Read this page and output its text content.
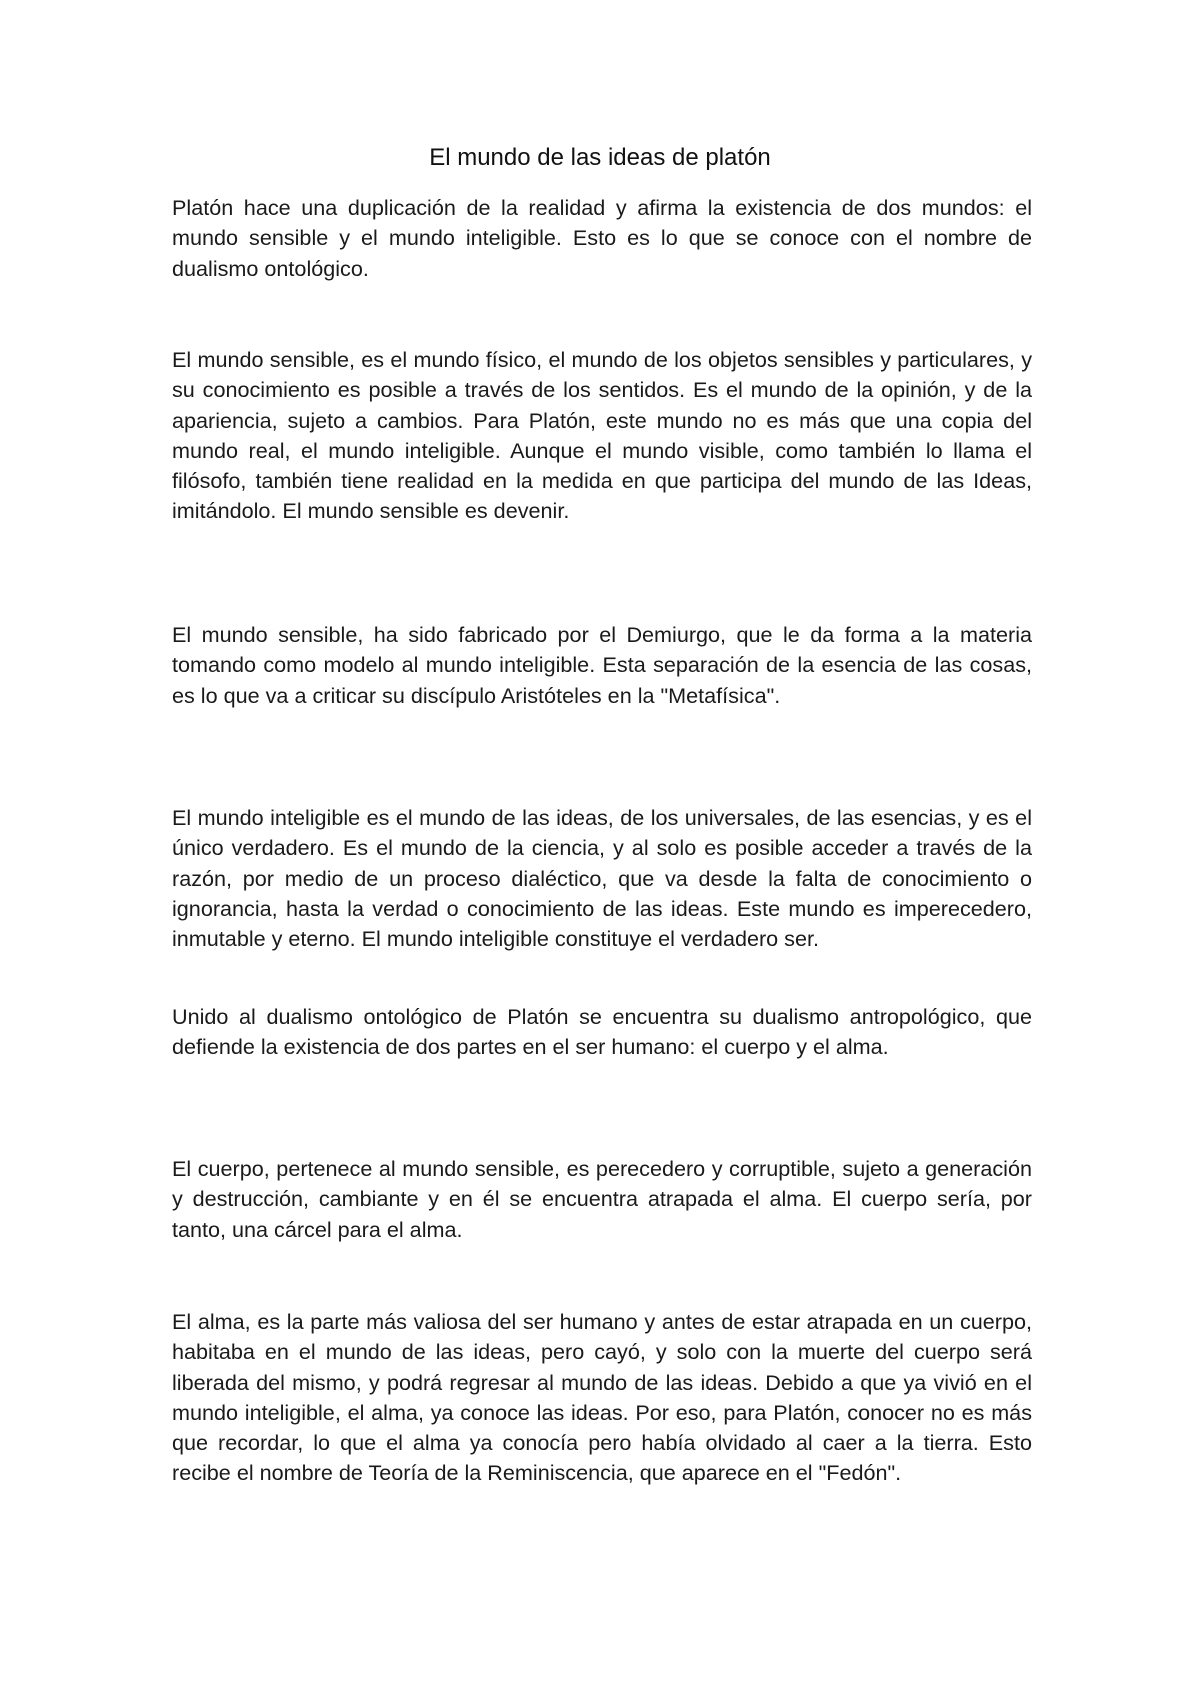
El mundo de las ideas de platón

Platón hace una duplicación de la realidad y afirma la existencia de dos mundos: el mundo sensible y el mundo inteligible. Esto es lo que se conoce con el nombre de dualismo ontológico.

El mundo sensible, es el mundo físico, el mundo de los objetos sensibles y particulares, y su conocimiento es posible a través de los sentidos. Es el mundo de la opinión, y de la apariencia, sujeto a cambios. Para Platón, este mundo no es más que una copia del mundo real, el mundo inteligible. Aunque el mundo visible, como también lo llama el filósofo, también tiene realidad en la medida en que participa del mundo de las Ideas, imitándolo. El mundo sensible es devenir.

El mundo sensible, ha sido fabricado por el Demiurgo, que le da forma a la materia tomando como modelo al mundo inteligible. Esta separación de la esencia de las cosas, es lo que va a criticar su discípulo Aristóteles en la "Metafísica".

El mundo inteligible es el mundo de las ideas, de los universales, de las esencias, y es el único verdadero. Es el mundo de la ciencia, y al solo es posible acceder a través de la razón, por medio de un proceso dialéctico, que va desde la falta de conocimiento o ignorancia, hasta la verdad o conocimiento de las ideas. Este mundo es imperecedero, inmutable y eterno. El mundo inteligible constituye el verdadero ser.

Unido al dualismo ontológico de Platón se encuentra su dualismo antropológico, que defiende la existencia de dos partes en el ser humano: el cuerpo y el alma.

El cuerpo, pertenece al mundo sensible, es perecedero y corruptible, sujeto a generación y destrucción, cambiante y en él se encuentra atrapada el alma. El cuerpo sería, por tanto, una cárcel para el alma.

El alma, es la parte más valiosa del ser humano y antes de estar atrapada en un cuerpo, habitaba en el mundo de las ideas, pero cayó, y solo con la muerte del cuerpo será liberada del mismo, y podrá regresar al mundo de las ideas. Debido a que ya vivió en el mundo inteligible, el alma, ya conoce las ideas. Por eso, para Platón, conocer no es más que recordar, lo que el alma ya conocía pero había olvidado al caer a la tierra. Esto recibe el nombre de Teoría de la Reminiscencia, que aparece en el "Fedón".
